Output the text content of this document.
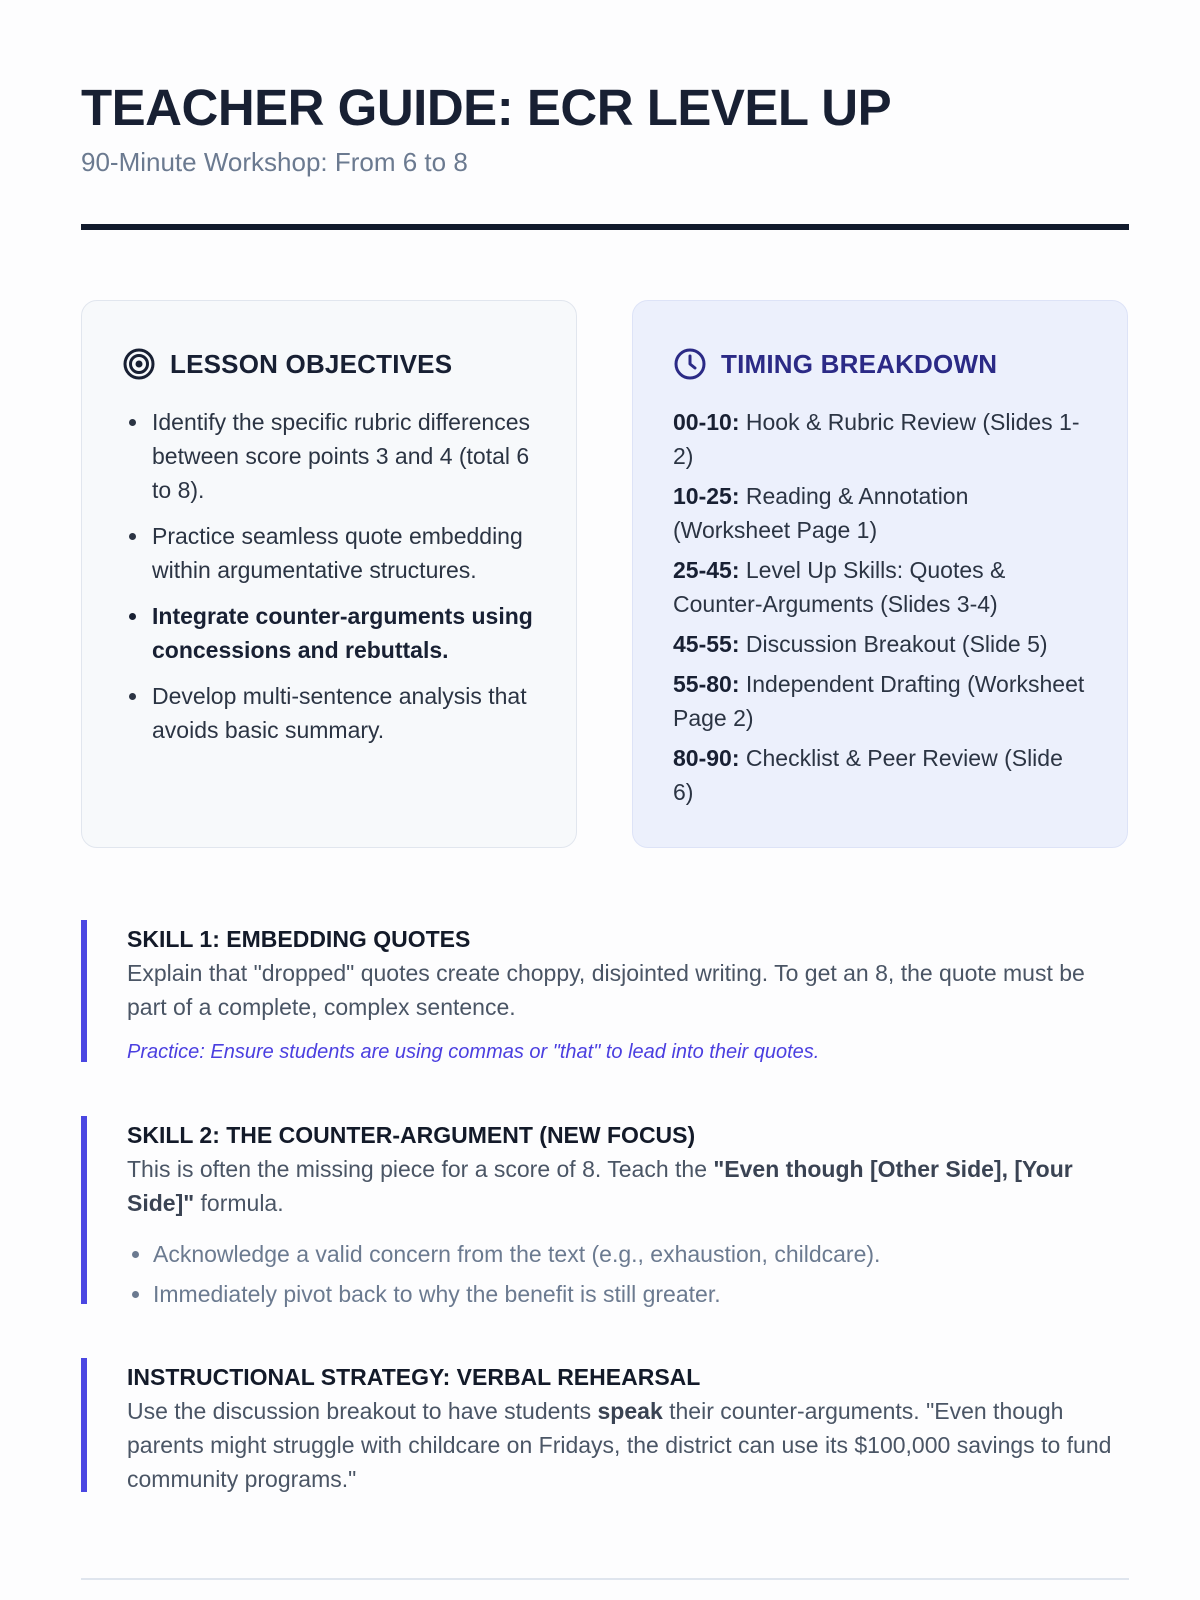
TEACHER GUIDE: ECR LEVEL UP

90-Minute Workshop: From 6 to 8

LESSON OBJECTIVES
• Identify the specific rubric differences between score points 3 and 4 (total 6 to 8).
• Practice seamless quote embedding within argumentative structures.
• Integrate counter-arguments using concessions and rebuttals.
• Develop multi-sentence analysis that avoids basic summary.
TIMING BREAKDOWN
00-10: Hook & Rubric Review (Slides 1-2)
10-25: Reading & Annotation (Worksheet Page 1)
25-45: Level Up Skills: Quotes & Counter-Arguments (Slides 3-4)
45-55: Discussion Breakout (Slide 5)
55-80: Independent Drafting (Worksheet Page 2)
80-90: Checklist & Peer Review (Slide 6)

SKILL 1: EMBEDDING QUOTES

Explain that "dropped" quotes create choppy, disjointed writing. To get an 8, the quote must be part of a complete, complex sentence.

Practice: Ensure students are using commas or "that" to lead into their quotes.

SKILL 2: THE COUNTER-ARGUMENT (NEW FOCUS)

This is often the missing piece for a score of 8. Teach the "Even though [Other Side], [Your Side]" formula.

• Acknowledge a valid concern from the text (e.g., exhaustion, childcare).
• Immediately pivot back to why the benefit is still greater.

INSTRUCTIONAL STRATEGY: VERBAL REHEARSAL

Use the discussion breakout to have students speak their counter-arguments. "Even though parents might struggle with childcare on Fridays, the district can use its $100,000 savings to fund community programs."
